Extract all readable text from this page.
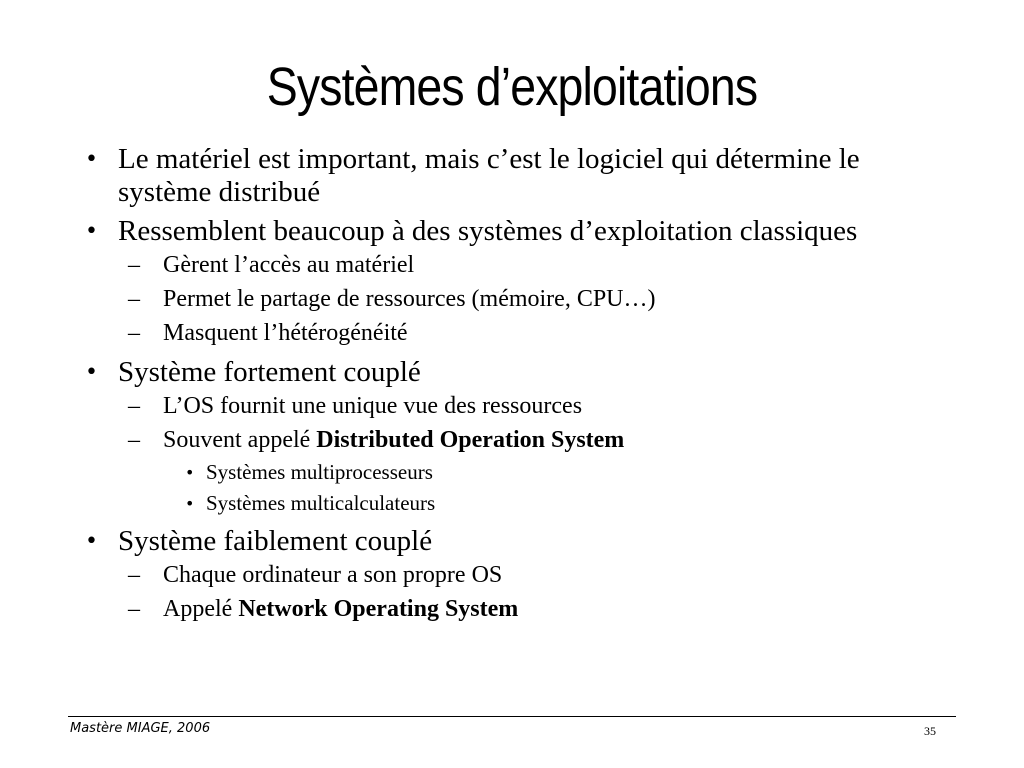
Systèmes d’exploitations
• Le matériel est important, mais c’est le logiciel qui détermine le système distribué
• Ressemblent beaucoup à des systèmes d’exploitation classiques
– Gèrent l’accès au matériel
– Permet le partage de ressources (mémoire, CPU…)
– Masquent l’hétérogénéité
• Système fortement couplé
– L’OS fournit une unique vue des ressources
– Souvent appelé Distributed Operation System
• Systèmes multiprocesseurs
• Systèmes multicalculateurs
• Système faiblement couplé
– Chaque ordinateur a son propre OS
– Appelé Network Operating System
Mastère MIAGE, 2006	35
